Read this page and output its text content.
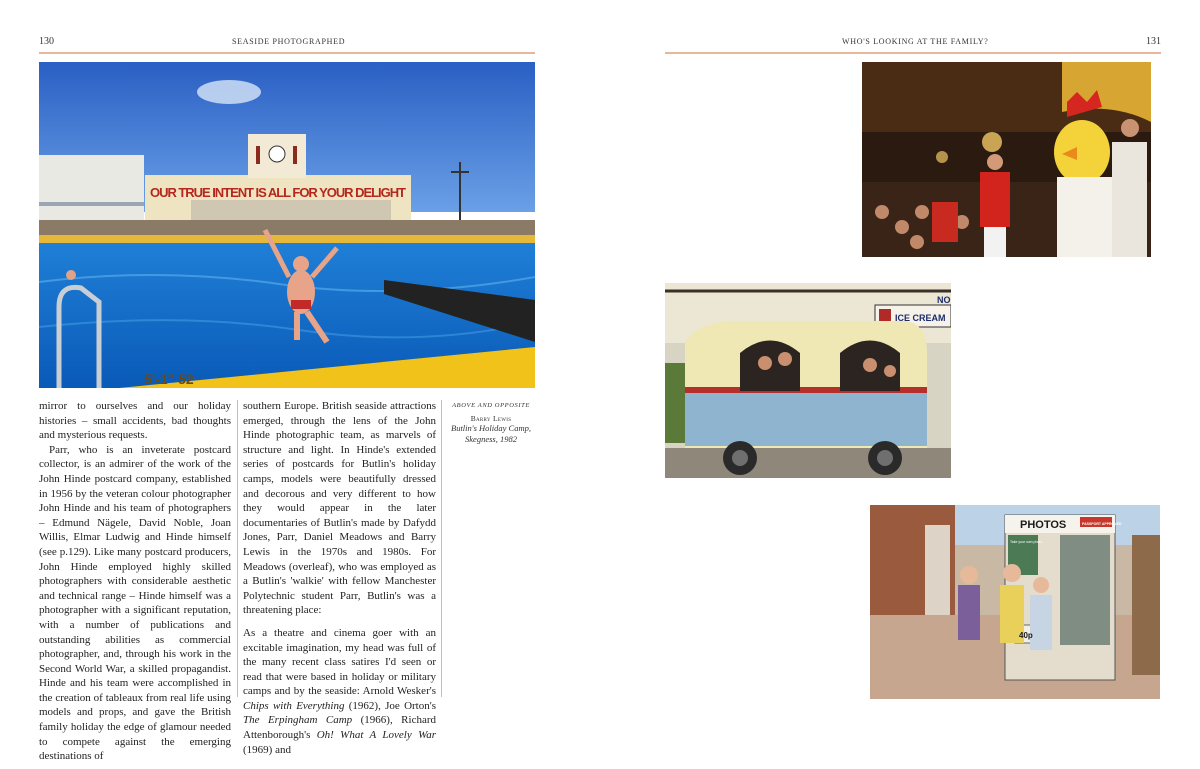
130	SEASIDE PHOTOGRAPHED	WHO'S LOOKING AT THE FAMILY?	131
OUR TRUE INTENT IS ALL FOR YOUR DELIGHT
5'-1" 52

mirror to ourselves and our holiday histories – small accidents, bad thoughts and mysterious requests.

Parr, who is an inveterate postcard collector, is an admirer of the work of the John Hinde postcard company, established in 1956 by the veteran colour photographer John Hinde and his team of photographers – Edmund Nägele, David Noble, Joan Willis, Elmar Ludwig and Hinde himself (see p.129). Like many postcard producers, John Hinde employed highly skilled photographers with considerable aesthetic and technical range – Hinde himself was a photographer with a significant reputation, with a number of publications and outstanding abilities as commercial photographer, and, through his work in the Second World War, a skilled propagandist. Hinde and his team were accomplished in the creation of tableaux from real life using models and props, and gave the British family holiday the edge of glamour needed to compete against the emerging destinations of

southern Europe. British seaside attractions emerged, through the lens of the John Hinde photographic team, as marvels of structure and light. In Hinde's extended series of postcards for Butlin's holiday camps, models were beautifully dressed and decorous and very different to how they would appear in the later documentaries of Butlin's made by Dafydd Jones, Parr, Daniel Meadows and Barry Lewis in the 1970s and 1980s. For Meadows (overleaf), who was employed as a Butlin's 'walkie' with fellow Manchester Polytechnic student Parr, Butlin's was a threatening place:

As a theatre and cinema goer with an excitable imagination, my head was full of the many recent class satires I'd seen or read that were based in holiday or military camps and by the seaside: Arnold Wesker's Chips with Everything (1962), Joe Orton's The Erpingham Camp (1966), Richard Attenborough's Oh! What A Lovely War (1969) and

ABOVE AND OPPOSITE
Barry Lewis
Butlin's Holiday Camp,
Skegness, 1982
ICE CREAM
NO
PHOTOS	PASSPORT APPROVED
Take your own photo
40p
